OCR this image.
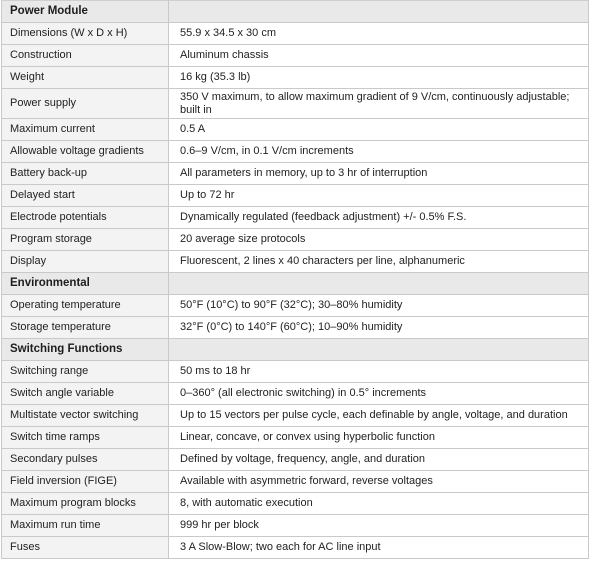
Power Module	
Dimensions (W x D x H)	55.9 x 34.5 x 30 cm
Construction	Aluminum chassis
Weight	16 kg (35.3 lb)
Power supply	350 V maximum, to allow maximum gradient of 9 V/cm, continuously adjustable; built in
Maximum current	0.5 A
Allowable voltage gradients	0.6–9 V/cm, in 0.1 V/cm increments
Battery back-up	All parameters in memory, up to 3 hr of interruption
Delayed start	Up to 72 hr
Electrode potentials	Dynamically regulated (feedback adjustment) +/- 0.5% F.S.
Program storage	20 average size protocols
Display	Fluorescent, 2 lines x 40 characters per line, alphanumeric
Environmental	
Operating temperature	50°F (10°C) to 90°F (32°C); 30–80% humidity
Storage temperature	32°F (0°C) to 140°F (60°C); 10–90% humidity
Switching Functions	
Switching range	50 ms to 18 hr
Switch angle variable	0–360° (all electronic switching) in 0.5° increments
Multistate vector switching	Up to 15 vectors per pulse cycle, each definable by angle, voltage, and duration
Switch time ramps	Linear, concave, or convex using hyperbolic function
Secondary pulses	Defined by voltage, frequency, angle, and duration
Field inversion (FIGE)	Available with asymmetric forward, reverse voltages
Maximum program blocks	8, with automatic execution
Maximum run time	999 hr per block
Fuses	3 A Slow-Blow; two each for AC line input
